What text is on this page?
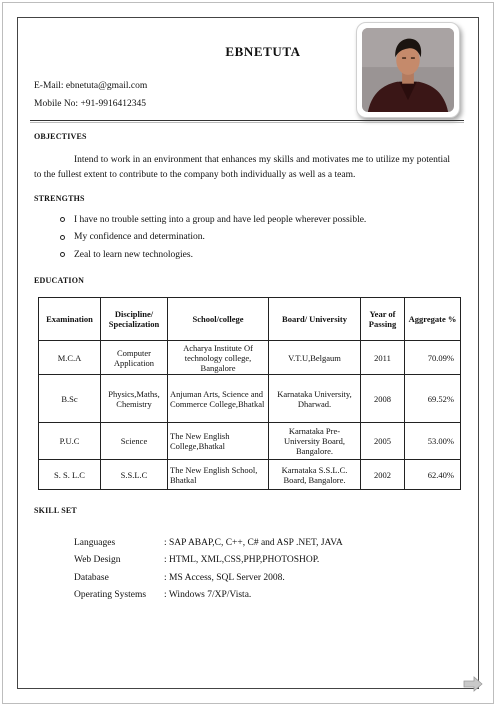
EBNETUTA
E-Mail: ebnetuta@gmail.com
Mobile No: +91-9916412345
OBJECTIVES

Intend to work in an environment that enhances my skills and motivates me to utilize my potential to the fullest extent to contribute to the company both individually as well as a team.

STRENGTHS
I have no trouble setting into a group and have led people wherever possible.
My confidence and determination.
Zeal to learn new technologies.
EDUCATION
Examination	Discipline/ Specialization	School/college	Board/ University	Year of Passing	Aggregate %
M.C.A	Computer Application	Acharya Institute Of technology college, Bangalore	V.T.U,Belgaum	2011	70.09%
B.Sc	Physics,Maths, Chemistry	Anjuman Arts, Science and Commerce College,Bhatkal	Karnataka University, Dharwad.	2008	69.52%
P.U.C	Science	The New English College,Bhatkal	Karnataka Pre-University Board, Bangalore.	2005	53.00%
S. S. L.C	S.S.L.C	The New English School, Bhatkal	Karnataka S.S.L.C. Board, Bangalore.	2002	62.40%
SKILL SET
Languages	: SAP ABAP,C, C++, C# and ASP .NET, JAVA
Web Design	: HTML, XML,CSS,PHP,PHOTOSHOP.
Database	: MS Access, SQL Server 2008.
Operating Systems	: Windows 7/XP/Vista.
